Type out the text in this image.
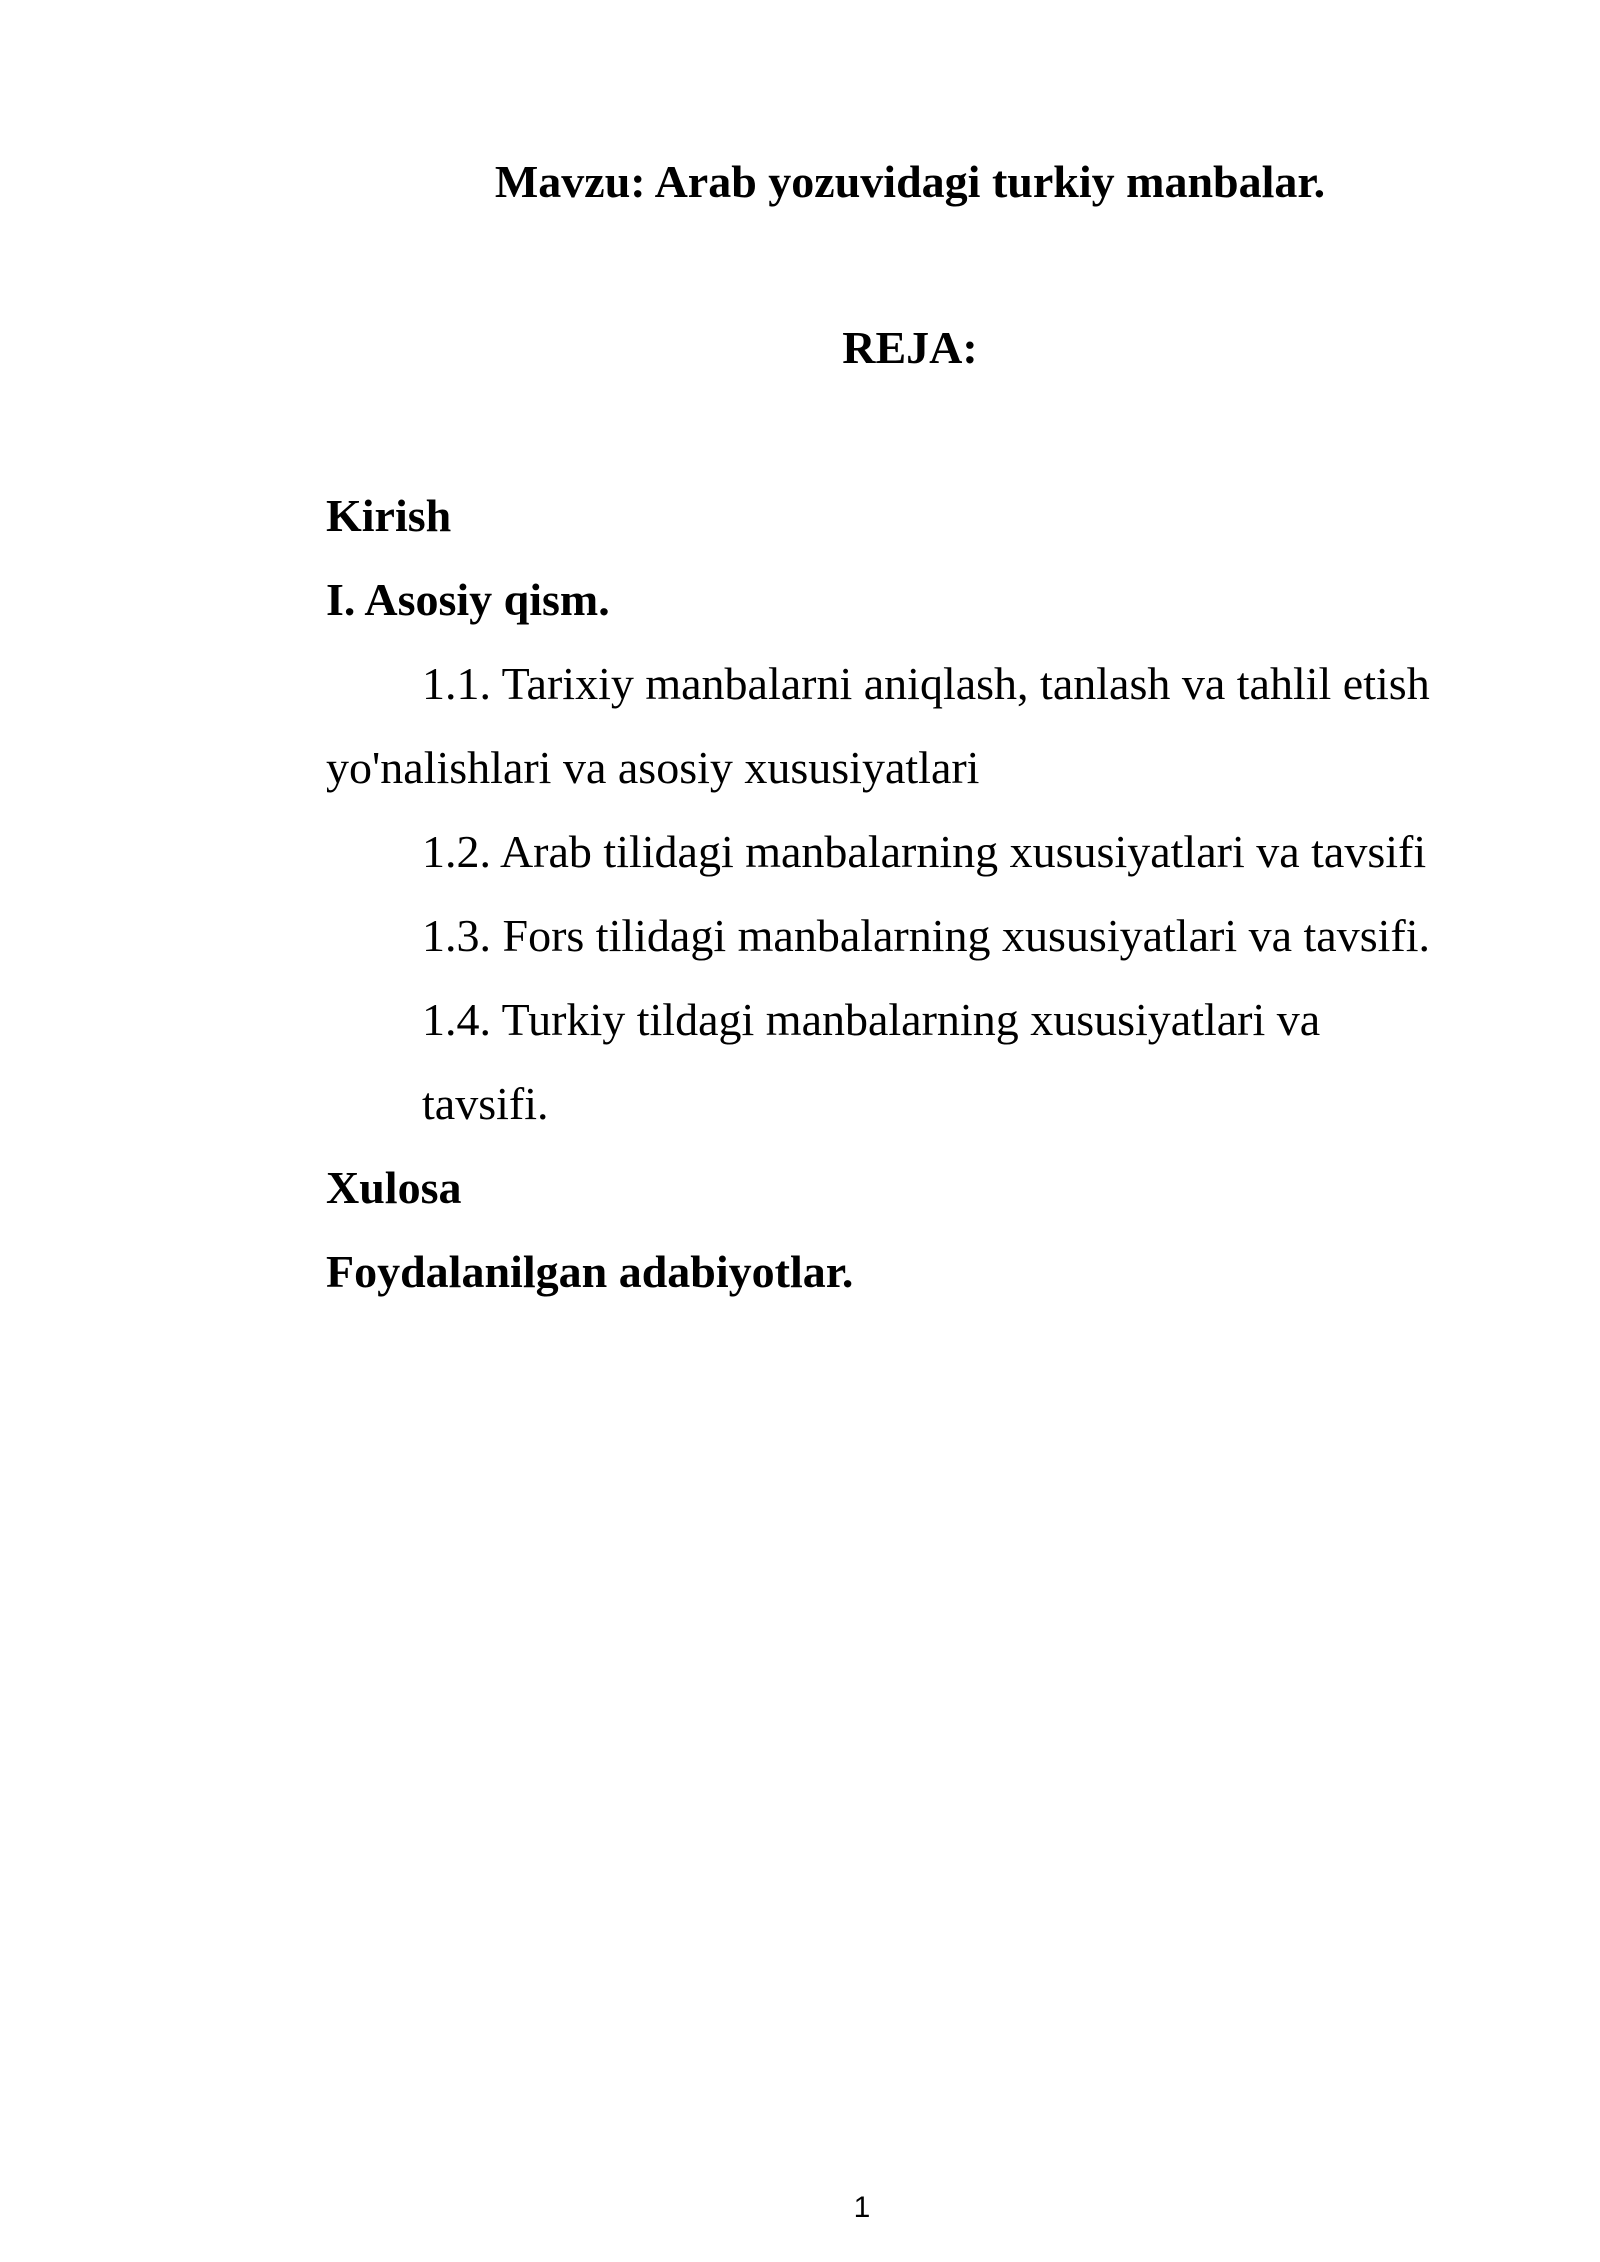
Mavzu: Arab yozuvidagi turkiy manbalar.
REJA:
Kirish
I. Asosiy qism.
1.1. Tarixiy manbalarni aniqlash, tanlash va tahlil etish
yo'nalishlari va asosiy xususiyatlari
1.2. Arab tilidagi manbalarning xususiyatlari va tavsifi
1.3. Fors tilidagi manbalarning xususiyatlari va tavsifi.
1.4. Turkiy tildagi manbalarning xususiyatlari va
tavsifi.
Xulosa
Foydalanilgan adabiyotlar.
1
